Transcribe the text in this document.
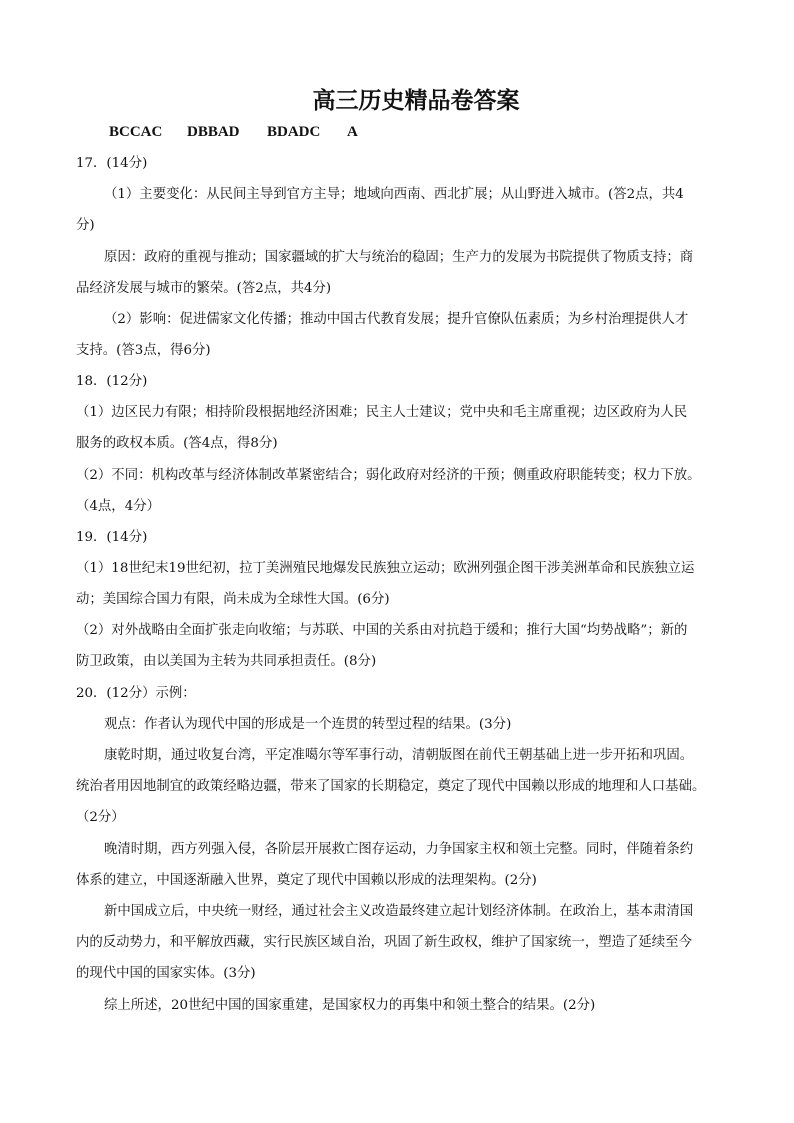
高三历史精品卷答案
BCCAC	DBBAD	BDADC	A
17．(14分)
（1）主要变化：从民间主导到官方主导；地域向西南、西北扩展；从山野进入城市。(答2点，共4
分)
原因：政府的重视与推动；国家疆域的扩大与统治的稳固；生产力的发展为书院提供了物质支持；商
品经济发展与城市的繁荣。(答2点，共4分)
（2）影响：促进儒家文化传播；推动中国古代教育发展；提升官僚队伍素质；为乡村治理提供人才
支持。(答3点，得6分)
18．(12分)
（1）边区民力有限；相持阶段根据地经济困难；民主人士建议；党中央和毛主席重视；边区政府为人民
服务的政权本质。(答4点，得8分)
（2）不同：机构改革与经济体制改革紧密结合；弱化政府对经济的干预；侧重政府职能转变；权力下放。
（4点，4分）
19．(14分)
（1）18世纪末19世纪初，拉丁美洲殖民地爆发民族独立运动；欧洲列强企图干涉美洲革命和民族独立运
动；美国综合国力有限，尚未成为全球性大国。(6分)
（2）对外战略由全面扩张走向收缩；与苏联、中国的关系由对抗趋于缓和；推行大国“均势战略”；新的
防卫政策，由以美国为主转为共同承担责任。(8分)
20．(12分）示例：
观点：作者认为现代中国的形成是一个连贯的转型过程的结果。(3分)
康乾时期，通过收复台湾，平定准噶尔等军事行动，清朝版图在前代王朝基础上进一步开拓和巩固。
统治者用因地制宜的政策经略边疆，带来了国家的长期稳定，奠定了现代中国赖以形成的地理和人口基础。
（2分）
晚清时期，西方列强入侵，各阶层开展救亡图存运动，力争国家主权和领土完整。同时，伴随着条约
体系的建立，中国逐渐融入世界，奠定了现代中国赖以形成的法理架构。(2分)
新中国成立后，中央统一财经，通过社会主义改造最终建立起计划经济体制。在政治上，基本肃清国
内的反动势力，和平解放西藏，实行民族区域自治，巩固了新生政权，维护了国家统一，塑造了延续至今
的现代中国的国家实体。(3分)
综上所述，20世纪中国的国家重建，是国家权力的再集中和领土整合的结果。(2分)
